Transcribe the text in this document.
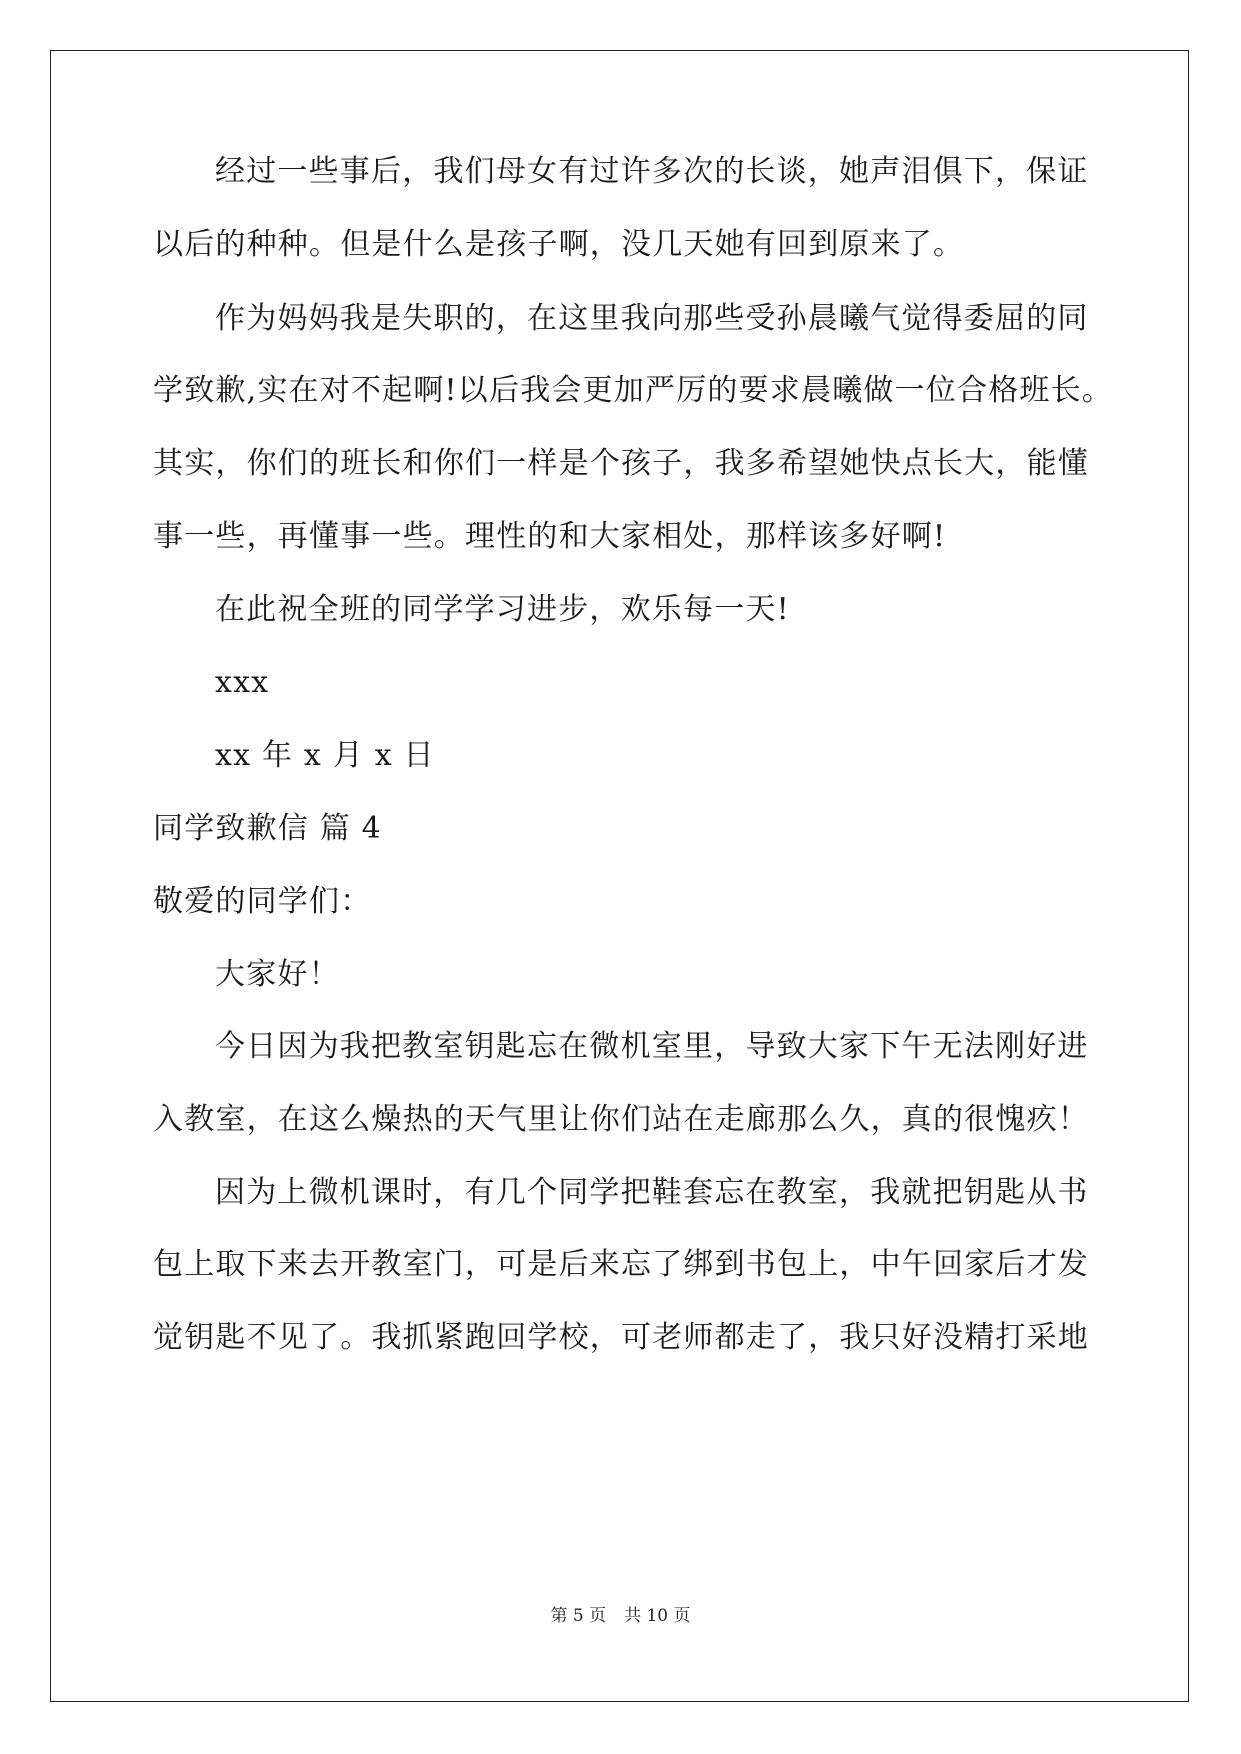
经过一些事后，我们母女有过许多次的长谈，她声泪俱下，保证
以后的种种。但是什么是孩子啊，没几天她有回到原来了。
作为妈妈我是失职的，在这里我向那些受孙晨曦气觉得委屈的同
学致歉,实在对不起啊!以后我会更加严厉的要求晨曦做一位合格班长。
其实，你们的班长和你们一样是个孩子，我多希望她快点长大，能懂
事一些，再懂事一些。理性的和大家相处，那样该多好啊!
在此祝全班的同学学习进步，欢乐每一天!
xxx
xx 年 x 月 x 日
同学致歉信 篇 4
敬爱的同学们：
大家好！
今日因为我把教室钥匙忘在微机室里，导致大家下午无法刚好进
入教室，在这么燥热的天气里让你们站在走廊那么久，真的很愧疚！
因为上微机课时，有几个同学把鞋套忘在教室，我就把钥匙从书
包上取下来去开教室门，可是后来忘了绑到书包上，中午回家后才发
觉钥匙不见了。我抓紧跑回学校，可老师都走了，我只好没精打采地
第 5 页 共 10 页
